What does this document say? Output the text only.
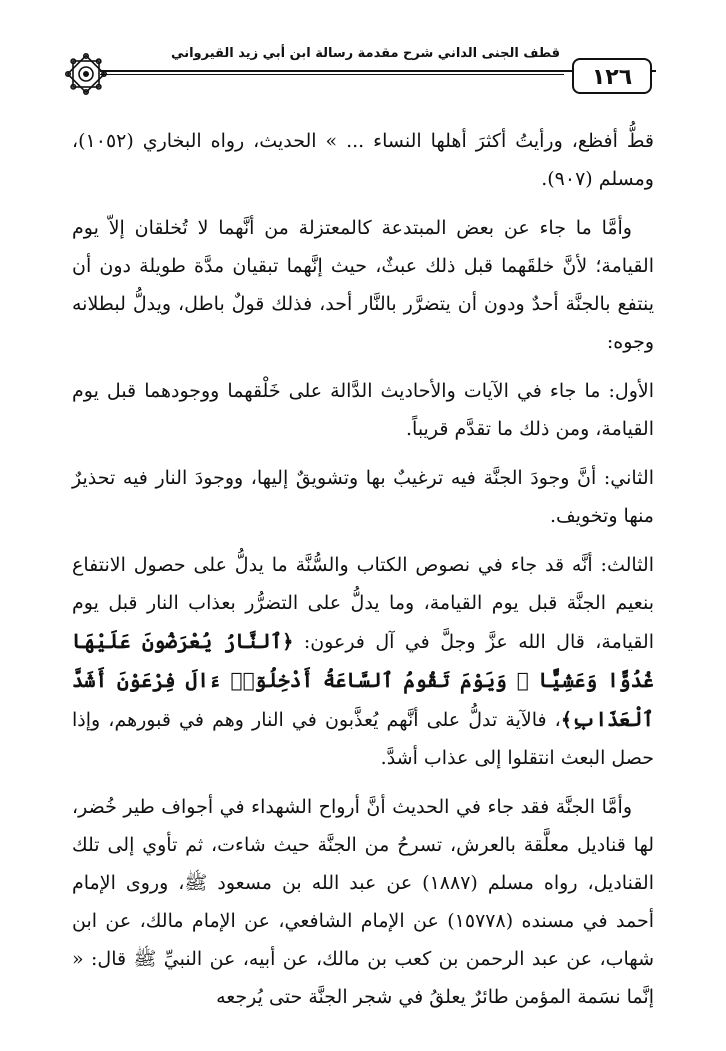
قطف الجنى الداني شرح مقدمة رسالة ابن أبي زيد القيرواني
١٢٦

قطُّ أفظع، ورأيتُ أكثرَ أهلها النساء ... » الحديث، رواه البخاري (١٠٥٢)، ومسلم (٩٠٧).

وأمَّا ما جاء عن بعض المبتدعة كالمعتزلة من أنَّهما لا تُخلقان إلاّ يوم القيامة؛ لأنَّ خلقَهما قبل ذلك عبثٌ، حيث إنَّهما تبقيان مدَّة طويلة دون أن ينتفع بالجنَّة أحدٌ ودون أن يتضرَّر بالنَّار أحد، فذلك قولٌ باطل، ويدلُّ لبطلانه وجوه:

الأول: ما جاء في الآيات والأحاديث الدَّالة على خَلْقهما ووجودهما قبل يوم القيامة، ومن ذلك ما تقدَّم قريباً.

الثاني: أنَّ وجودَ الجنَّة فيه ترغيبٌ بها وتشويقٌ إليها، ووجودَ النار فيه تحذيرٌ منها وتخويف.

الثالث: أنَّه قد جاء في نصوص الكتاب والسُّنَّة ما يدلُّ على حصول الانتفاع بنعيم الجنَّة قبل يوم القيامة، وما يدلُّ على التضرُّر بعذاب النار قبل يوم القيامة، قال الله عزَّ وجلَّ في آل فرعون: ﴿ٱلنَّارُ يُعْرَضُونَ عَلَيْهَا غُدُوًّا وَعَشِيًّا ۖ وَيَوْمَ تَقُومُ ٱلسَّاعَةُ أَدْخِلُوٓا۟ ءَالَ فِرْعَوْنَ أَشَدَّ ٱلْعَذَابِ﴾، فالآية تدلُّ على أنَّهم يُعذَّبون في النار وهم في قبورهم، وإذا حصل البعث انتقلوا إلى عذاب أشدَّ.

وأمَّا الجنَّة فقد جاء في الحديث أنَّ أرواح الشهداء في أجواف طير خُضر، لها قناديل معلَّقة بالعرش، تسرحُ من الجنَّة حيث شاءت، ثم تأوي إلى تلك القناديل، رواه مسلم (١٨٨٧) عن عبد الله بن مسعود ﷺ، وروى الإمام أحمد في مسنده (١٥٧٧٨) عن الإمام الشافعي، عن الإمام مالك، عن ابن شهاب، عن عبد الرحمن بن كعب بن مالك، عن أبيه، عن النبيِّ ﷺ قال: « إنَّما نسَمة المؤمن طائرٌ يعلقُ في شجر الجنَّة حتى يُرجعه
